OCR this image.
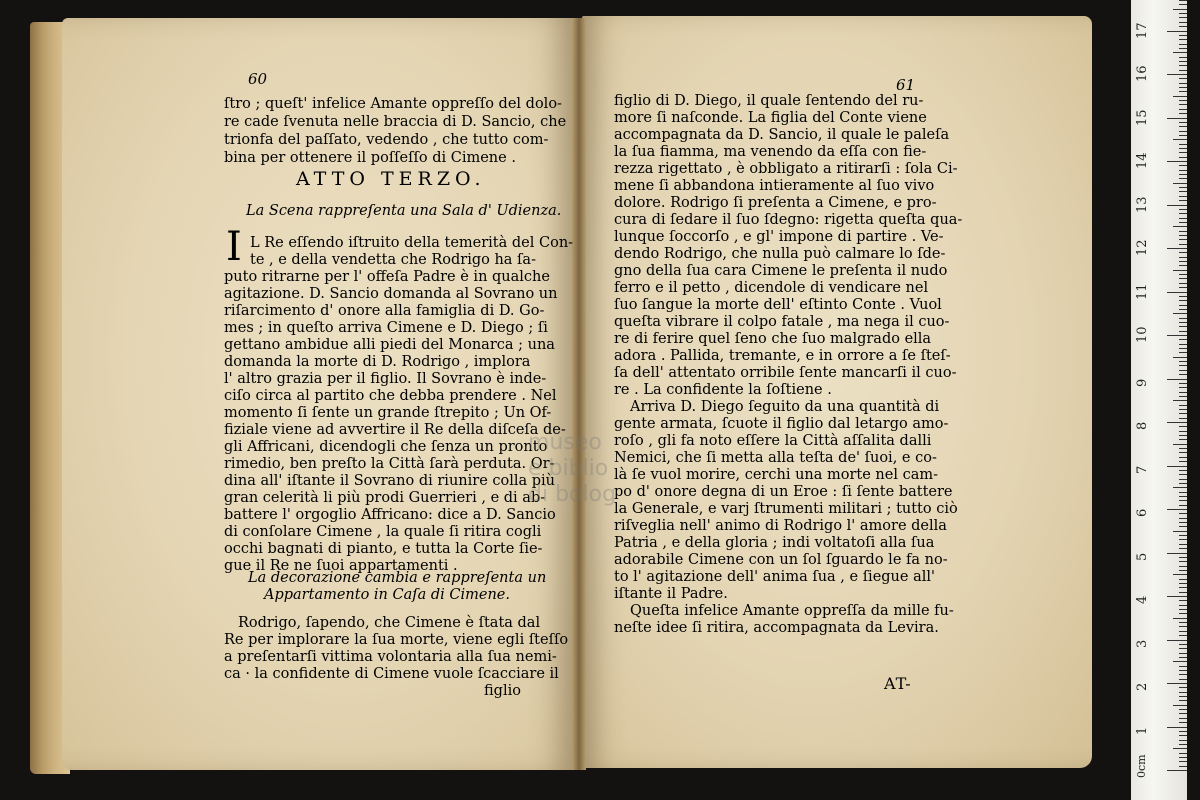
60
ſtro ; queſt' infelice Amante oppreſſo del dolo-
re cade ſvenuta nelle braccia di D. Sancio, che
trionfa del paſſato, vedendo , che tutto com-
bina per ottenere il poſſeſſo di Cimene .
ATTO TERZO.
La Scena rappreſenta una Sala d' Udienza.
I L Re eſſendo iſtruito della temerità del Con-
te , e della vendetta che Rodrigo ha ſa-
puto ritrarne per l' offeſa Padre è in qualche
agitazione. D. Sancio domanda al Sovrano un
riſarcimento d' onore alla famiglia di D. Go-
mes ; in queſto arriva Cimene e D. Diego ; ſi
gettano ambidue alli piedi del Monarca ; una
domanda la morte di D. Rodrigo , implora
l' altro grazia per il figlio. Il Sovrano è inde-
ciſo circa al partito che debba prendere . Nel
momento ſi ſente un grande ſtrepito ; Un Of-
fiziale viene ad avvertire il Re della diſceſa de-
gli Affricani, dicendogli che ſenza un pronto
rimedio, ben preſto la Città ſarà perduta. Or-
dina all' iſtante il Sovrano di riunire colla più
gran celerità li più prodi Guerrieri , e di ab-
battere l' orgoglio Affricano: dice a D. Sancio
di conſolare Cimene , la quale ſi ritira cogli
occhi bagnati di pianto, e tutta la Corte ſie-
gue il Re ne ſuoi appartamenti .
La decorazione cambia e rappreſenta un
Appartamento in Caſa di Cimene.
Rodrigo, ſapendo, che Cimene è ſtata dal
Re per implorare la ſua morte, viene egli ſteſſo
a preſentarſi vittima volontaria alla ſua nemi-
ca · la confidente di Cimene vuole ſcacciare il
figlio
61
figlio di D. Diego, il quale ſentendo del ru-
more ſi naſconde. La figlia del Conte viene
accompagnata da D. Sancio, il quale le paleſa
la ſua fiamma, ma venendo da eſſa con fie-
rezza rigettato , è obbligato a ritirarſi : ſola Ci-
mene ſi abbandona intieramente al ſuo vivo
dolore. Rodrigo ſi preſenta a Cimene, e pro-
cura di ſedare il ſuo ſdegno: rigetta queſta qua-
lunque ſoccorſo , e gl' impone di partire . Ve-
dendo Rodrigo, che nulla può calmare lo ſde-
gno della ſua cara Cimene le preſenta il nudo
ferro e il petto , dicendole di vendicare nel
ſuo ſangue la morte dell' eſtinto Conte . Vuol
queſta vibrare il colpo fatale , ma nega il cuo-
re di ferire quel ſeno che ſuo malgrado ella
adora . Pallida, tremante, e in orrore a ſe ſteſ-
ſa dell' attentato orribile ſente mancarſi il cuo-
re . La confidente la ſoſtiene .
Arriva D. Diego ſeguito da una quantità di
gente armata, ſcuote il figlio dal letargo amo-
roſo , gli fa noto eſſere la Città aſſalita dalli
Nemici, che ſi metta alla teſta de' ſuoi, e co-
là ſe vuol morire, cerchi una morte nel cam-
po d' onore degna di un Eroe : ſi ſente battere
la Generale, e varj ſtrumenti militari ; tutto ciò
riſveglia nell' animo di Rodrigo l' amore della
Patria , e della gloria ; indi voltatoſi alla ſua
adorabile Cimene con un ſol ſguardo le fa no-
to l' agitazione dell' anima ſua , e ſiegue all'
iſtante il Padre.
Queſta infelice Amante oppreſſa da mille fu-
neſte idee ſi ritira, accompagnata da Levira.
AT-
museo
e biblio
di bolog
0cm
1
2
3
4
5
6
7
8
9
10
11
12
13
14
15
16
17
